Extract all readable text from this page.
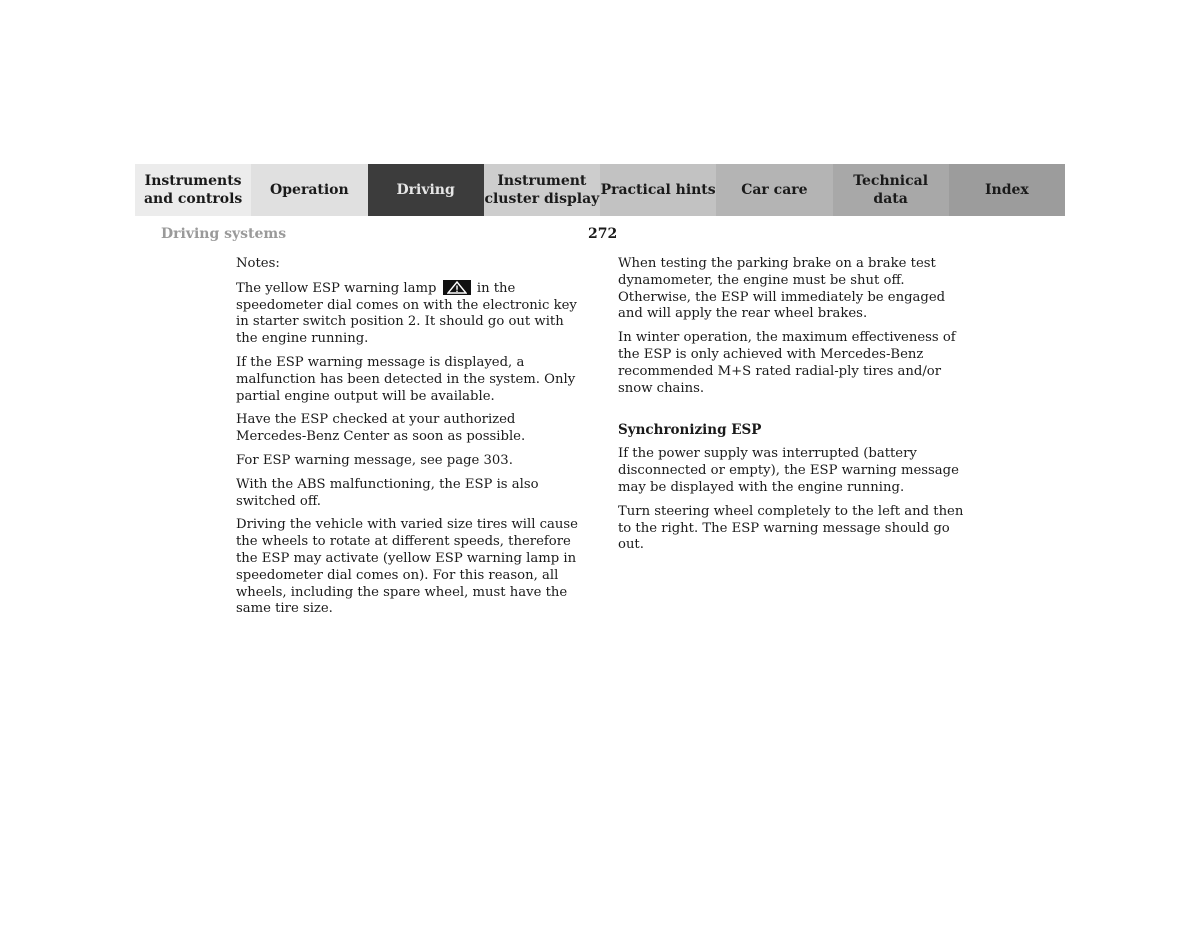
Instruments
and controls
Operation	Driving
Instrument
cluster display
Practical hints	Car care
Technical
data
Index
Driving systems	272

Notes:

The yellow ESP warning lamp	in the speedometer dial comes on with the electronic key in starter switch position 2. It should go out with the engine running.

If the ESP warning message is displayed, a malfunction has been detected in the system. Only partial engine output will be available.

Have the ESP checked at your authorized Mercedes-Benz Center as soon as possible.

For ESP warning message, see page 303.

With the ABS malfunctioning, the ESP is also switched off.

Driving the vehicle with varied size tires will cause the wheels to rotate at different speeds, therefore the ESP may activate (yellow ESP warning lamp in speedometer dial comes on). For this reason, all wheels, including the spare wheel, must have the same tire size.

When testing the parking brake on a brake test dynamometer, the engine must be shut off. Otherwise, the ESP will immediately be engaged and will apply the rear wheel brakes.

In winter operation, the maximum effectiveness of the ESP is only achieved with Mercedes-Benz recommended M+S rated radial-ply tires and/or snow chains.

Synchronizing ESP

If the power supply was interrupted (battery disconnected or empty), the ESP warning message may be displayed with the engine running.

Turn steering wheel completely to the left and then to the right. The ESP warning message should go out.
